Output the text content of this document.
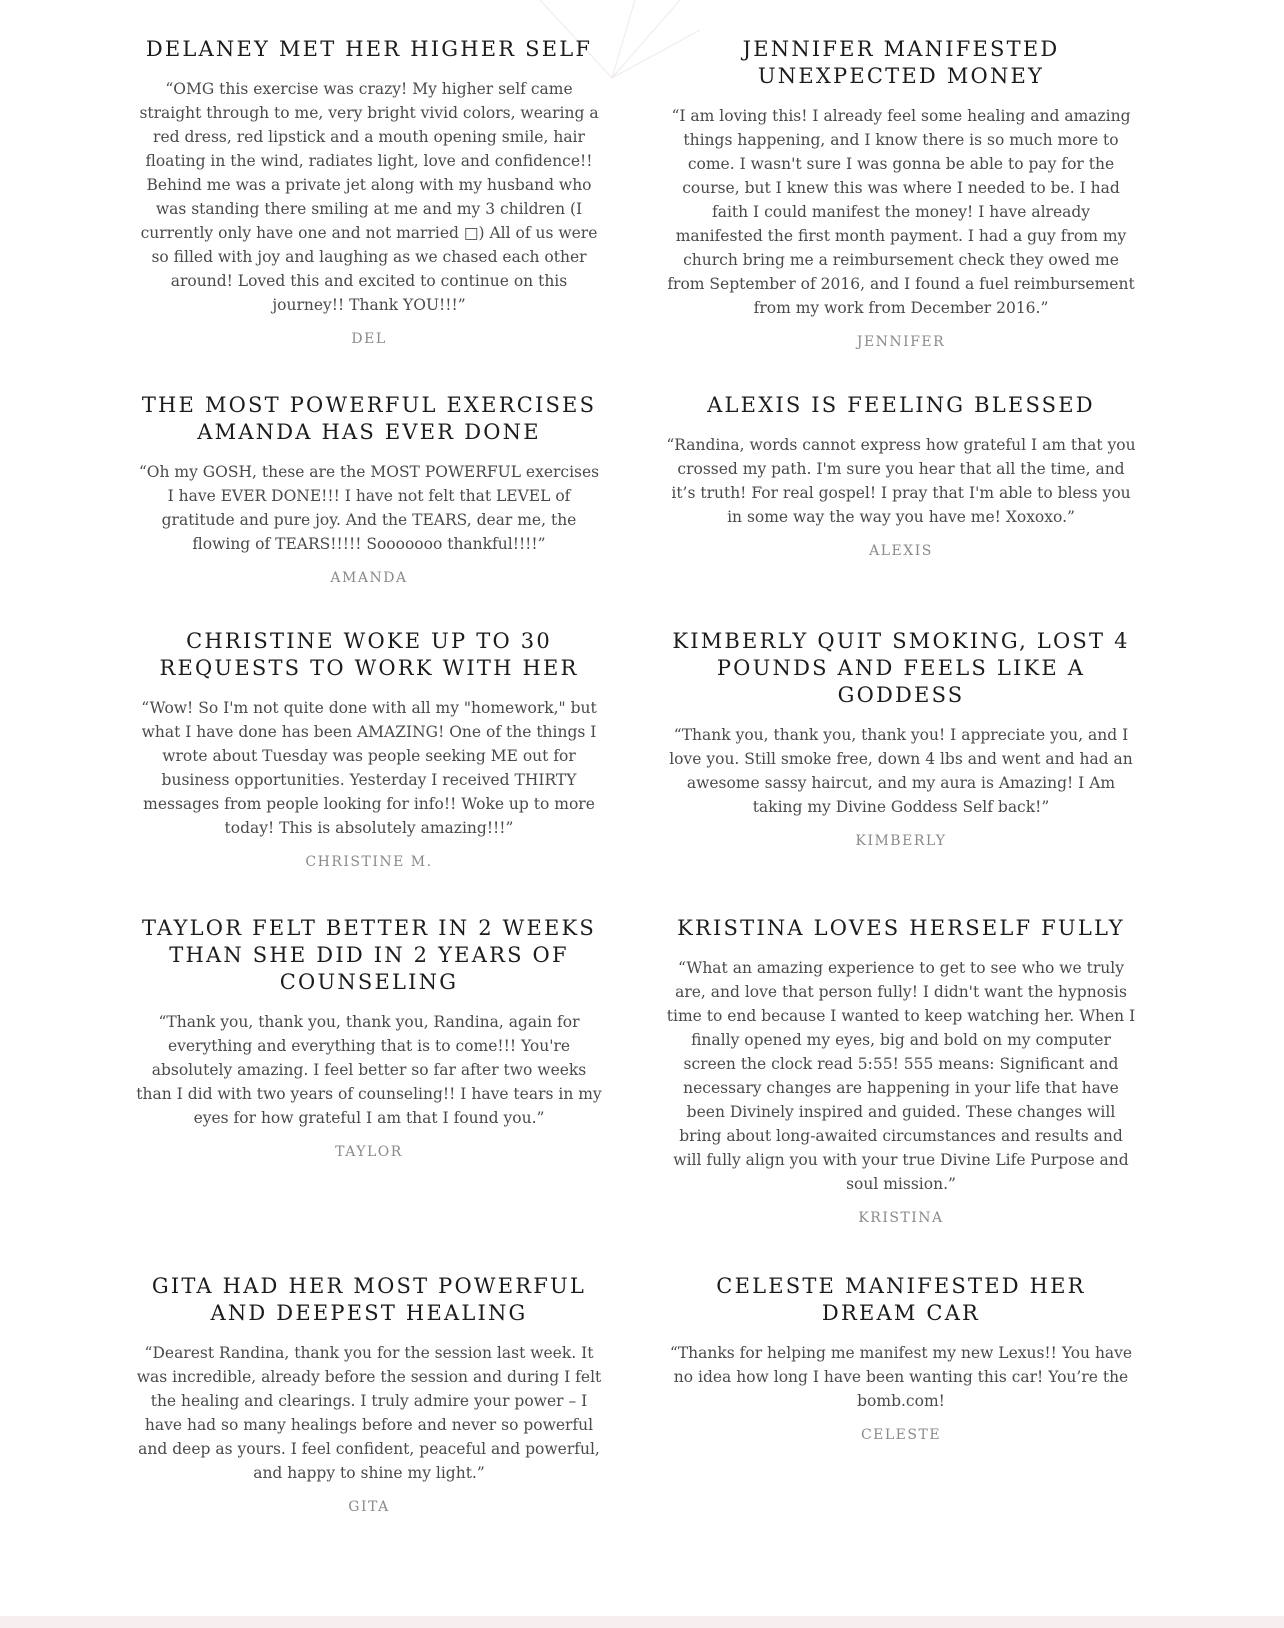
DELANEY MET HER HIGHER SELF

“OMG this exercise was crazy! My higher self came straight through to me, very bright vivid colors, wearing a red dress, red lipstick and a mouth opening smile, hair floating in the wind, radiates light, love and confidence!! Behind me was a private jet along with my husband who was standing there smiling at me and my 3 children (I currently only have one and not married □) All of us were so filled with joy and laughing as we chased each other around! Loved this and excited to continue on this journey!! Thank YOU!!!”

DEL
THE MOST POWERFUL EXERCISES AMANDA HAS EVER DONE

“Oh my GOSH, these are the MOST POWERFUL exercises I have EVER DONE!!! I have not felt that LEVEL of gratitude and pure joy. And the TEARS, dear me, the flowing of TEARS!!!!! Sooooooo thankful!!!!”

AMANDA
CHRISTINE WOKE UP TO 30 REQUESTS TO WORK WITH HER

“Wow! So I'm not quite done with all my "homework," but what I have done has been AMAZING! One of the things I wrote about Tuesday was people seeking ME out for business opportunities. Yesterday I received THIRTY messages from people looking for info!! Woke up to more today! This is absolutely amazing!!!”

CHRISTINE M.
TAYLOR FELT BETTER IN 2 WEEKS THAN SHE DID IN 2 YEARS OF COUNSELING

“Thank you, thank you, thank you, Randina, again for everything and everything that is to come!!! You're absolutely amazing. I feel better so far after two weeks than I did with two years of counseling!! I have tears in my eyes for how grateful I am that I found you.”

TAYLOR
GITA HAD HER MOST POWERFUL AND DEEPEST HEALING

“Dearest Randina, thank you for the session last week. It was incredible, already before the session and during I felt the healing and clearings. I truly admire your power – I have had so many healings before and never so powerful and deep as yours. I feel confident, peaceful and powerful, and happy to shine my light.”

GITA
JENNIFER MANIFESTED UNEXPECTED MONEY

“I am loving this! I already feel some healing and amazing things happening, and I know there is so much more to come. I wasn't sure I was gonna be able to pay for the course, but I knew this was where I needed to be. I had faith I could manifest the money! I have already manifested the first month payment. I had a guy from my church bring me a reimbursement check they owed me from September of 2016, and I found a fuel reimbursement from my work from December 2016.”

JENNIFER
ALEXIS IS FEELING BLESSED

“Randina, words cannot express how grateful I am that you crossed my path. I'm sure you hear that all the time, and it’s truth! For real gospel! I pray that I'm able to bless you in some way the way you have me! Xoxoxo.”

ALEXIS
KIMBERLY QUIT SMOKING, LOST 4 POUNDS AND FEELS LIKE A GODDESS

“Thank you, thank you, thank you! I appreciate you, and I love you. Still smoke free, down 4 lbs and went and had an awesome sassy haircut, and my aura is Amazing! I Am taking my Divine Goddess Self back!”

KIMBERLY
KRISTINA LOVES HERSELF FULLY

“What an amazing experience to get to see who we truly are, and love that person fully! I didn't want the hypnosis time to end because I wanted to keep watching her. When I finally opened my eyes, big and bold on my computer screen the clock read 5:55! 555 means: Significant and necessary changes are happening in your life that have been Divinely inspired and guided. These changes will bring about long-awaited circumstances and results and will fully align you with your true Divine Life Purpose and soul mission.”

KRISTINA
CELESTE MANIFESTED HER DREAM CAR

“Thanks for helping me manifest my new Lexus!! You have no idea how long I have been wanting this car! You’re the bomb.com!

CELESTE
